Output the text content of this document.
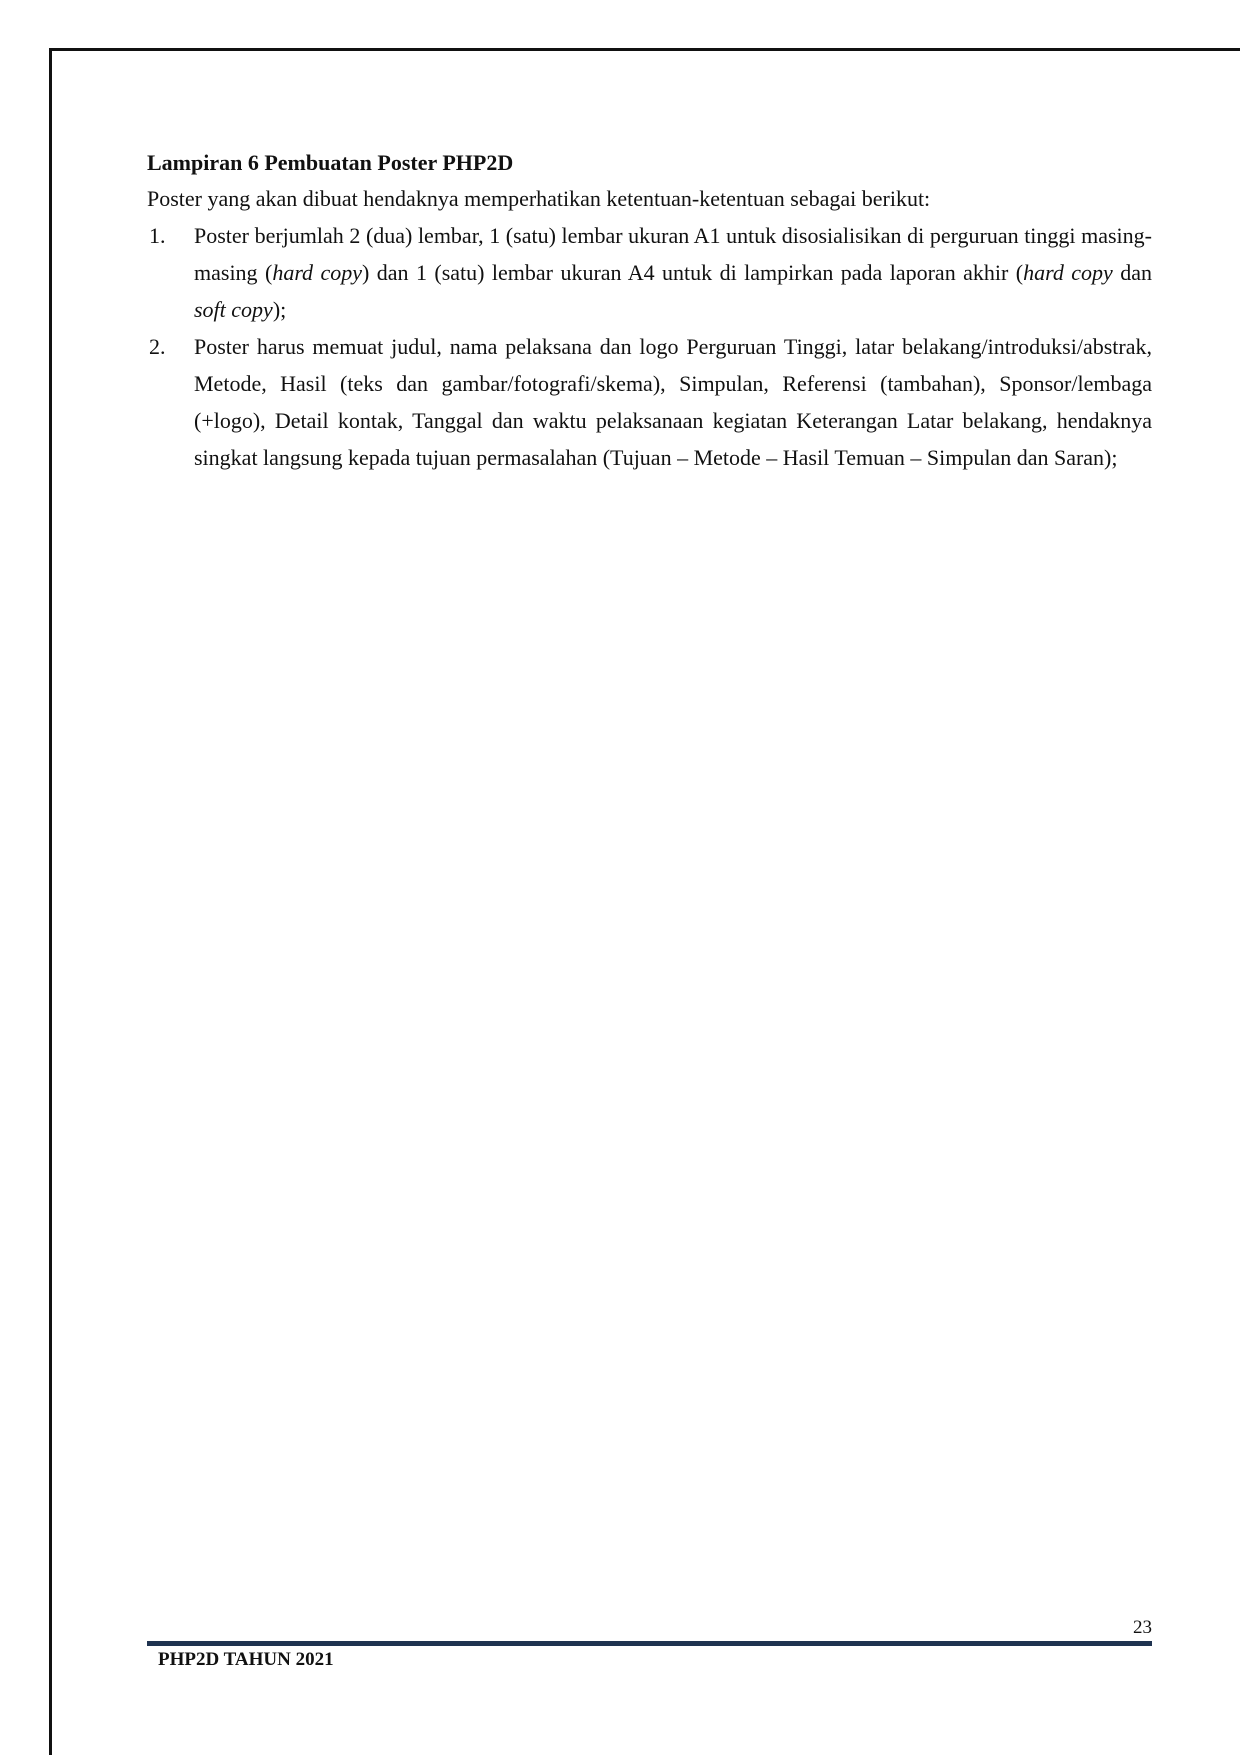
Lampiran 6 Pembuatan Poster PHP2D

Poster yang akan dibuat hendaknya memperhatikan ketentuan-ketentuan sebagai berikut:

1. Poster berjumlah 2 (dua) lembar, 1 (satu) lembar ukuran A1 untuk disosialisikan di perguruan tinggi masing-masing (hard copy) dan 1 (satu) lembar ukuran A4 untuk di lampirkan pada laporan akhir (hard copy dan soft copy);
2. Poster harus memuat judul, nama pelaksana dan logo Perguruan Tinggi, latar belakang/introduksi/abstrak, Metode, Hasil (teks dan gambar/fotografi/skema), Simpulan, Referensi (tambahan), Sponsor/lembaga (+logo), Detail kontak, Tanggal dan waktu pelaksanaan kegiatan Keterangan Latar belakang, hendaknya singkat langsung kepada tujuan permasalahan (Tujuan – Metode – Hasil Temuan – Simpulan dan Saran);
23
PHP2D TAHUN 2021
